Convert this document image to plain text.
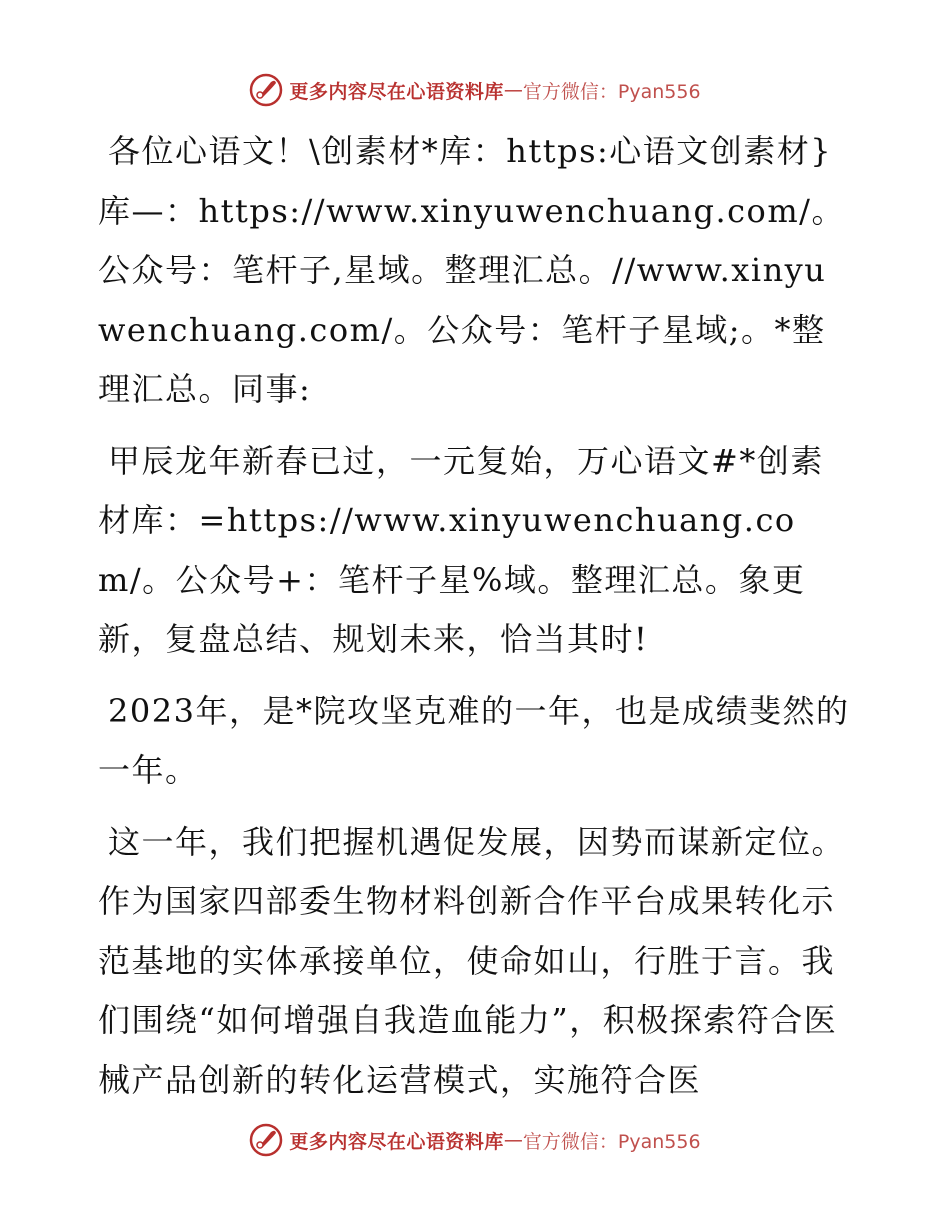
更多内容尽在心语资料库 — 官方微信：Pyan556

各位心语文！\创素材*库：https:心语文创素材}库—：https://www.xinyuwenchuang.com/。公众号：笔杆子,星域。整理汇总。//www.xinyuwenchuang.com/。公众号：笔杆子星域;。*整理汇总。同事:

甲辰龙年新春已过，一元复始，万心语文#*创素材库：=https://www.xinyuwenchuang.com/。公众号+：笔杆子星%域。整理汇总。象更新，复盘总结、规划未来，恰当其时!

2023年，是*院攻坚克难的一年，也是成绩斐然的一年。

这一年，我们把握机遇促发展，因势而谋新定位。作为国家四部委生物材料创新合作平台成果转化示范基地的实体承接单位，使命如山，行胜于言。我们围绕“如何增强自我造血能力”，积极探索符合医械产品创新的转化运营模式，实施符合医

更多内容尽在心语资料库 — 官方微信：Pyan556
